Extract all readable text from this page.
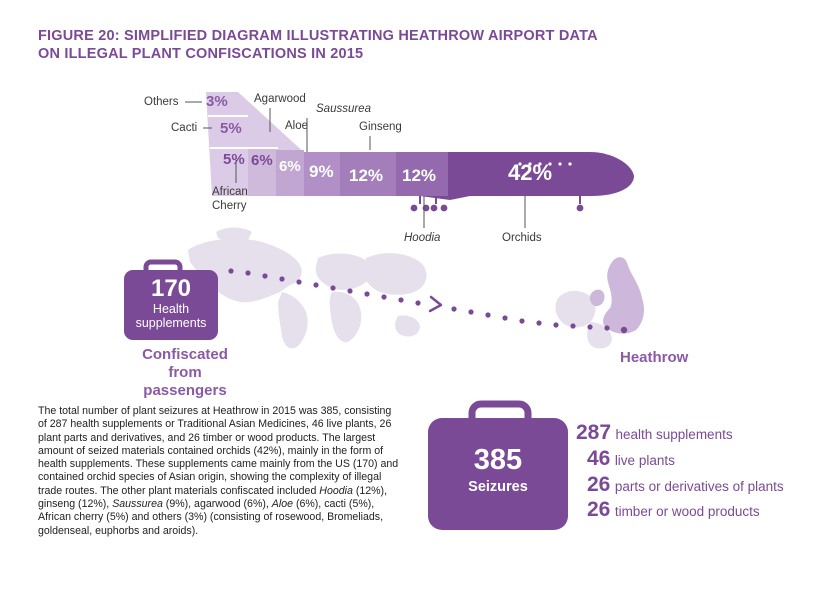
FIGURE 20: SIMPLIFIED DIAGRAM ILLUSTRATING HEATHROW AIRPORT DATA
ON ILLEGAL PLANT CONFISCATIONS IN 2015
Others 3%
Cacti 5%
African
Cherry
5%
Agarwood
6%
Aloe
6%
Saussurea
9%
Ginseng
12%
Hoodia
12%
Orchids
42%
170
Health
supplements
Confiscated
from passengers
Heathrow
The total number of plant seizures at Heathrow in 2015 was 385, consisting of 287 health supplements or Traditional Asian Medicines, 46 live plants, 26 plant parts and derivatives, and 26 timber or wood products. The largest amount of seized materials contained orchids (42%), mainly in the form of health supplements. These supplements came mainly from the US (170) and contained orchid species of Asian origin, showing the complexity of illegal trade routes. The other plant materials confiscated included Hoodia (12%), ginseng (12%), Saussurea (9%), agarwood (6%), Aloe (6%), cacti (5%), African cherry (5%) and others (3%) (consisting of rosewood, Bromeliads, goldenseal, euphorbs and aroids).
385
Seizures
287 health supplements
46 live plants
26 parts or derivatives of plants
26 timber or wood products
